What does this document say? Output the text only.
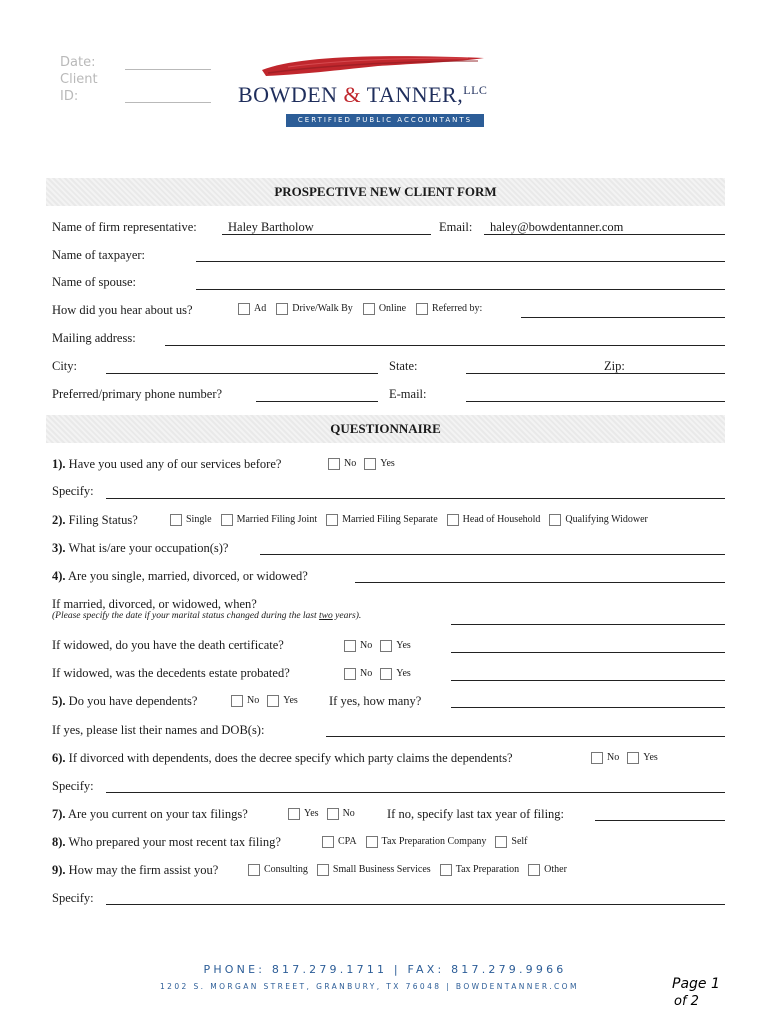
Date:
Client
ID:	BOWDEN & TANNER,$^{LLC}$
CERTIFIED PUBLIC ACCOUNTANTS
PROSPECTIVE NEW CLIENT FORM
Name of firm representative:	Haley Bartholow	Email: haley@bowdentanner.com
Name of taxpayer:
Name of spouse:
How did you hear about us?	Ad	Drive/Walk By	Online	Referred by:
Mailing address:
City:	State:	Zip:
Preferred/primary phone number?	E-mail:
QUESTIONNAIRE
1). Have you used any of our services before?	No Yes
Specify:
2). Filing Status?	Single	Married Filing Joint	Married Filing Separate	Head of Household	Qualifying Widower
3). What is/are your occupation(s)?
4). Are you single, married, divorced, or widowed?
If married, divorced, or widowed, when?
(Please specify the date if your marital status changed during the last two years).
If widowed, do you have the death certificate?	No Yes
If widowed, was the decedents estate probated?	No Yes
5). Do you have dependents?	No Yes If yes, how many?
If yes, please list their names and DOB(s):
6). If divorced with dependents, does the decree specify which party claims the dependents?	No Yes
Specify:
7). Are you current on your tax filings?	Yes No	If no, specify last tax year of filing:
8). Who prepared your most recent tax filing?	CPA	Tax Preparation Company	Self
9). How may the firm assist you?	Consulting	Small Business Services	Tax Preparation	Other
Specify:
PHONE: 817.279.1711 | FAX: 817.279.9966
1202 S. MORGAN STREET, GRANBURY, TX 76048 | BOWDENTANNER.COM	Page 1
of 2
